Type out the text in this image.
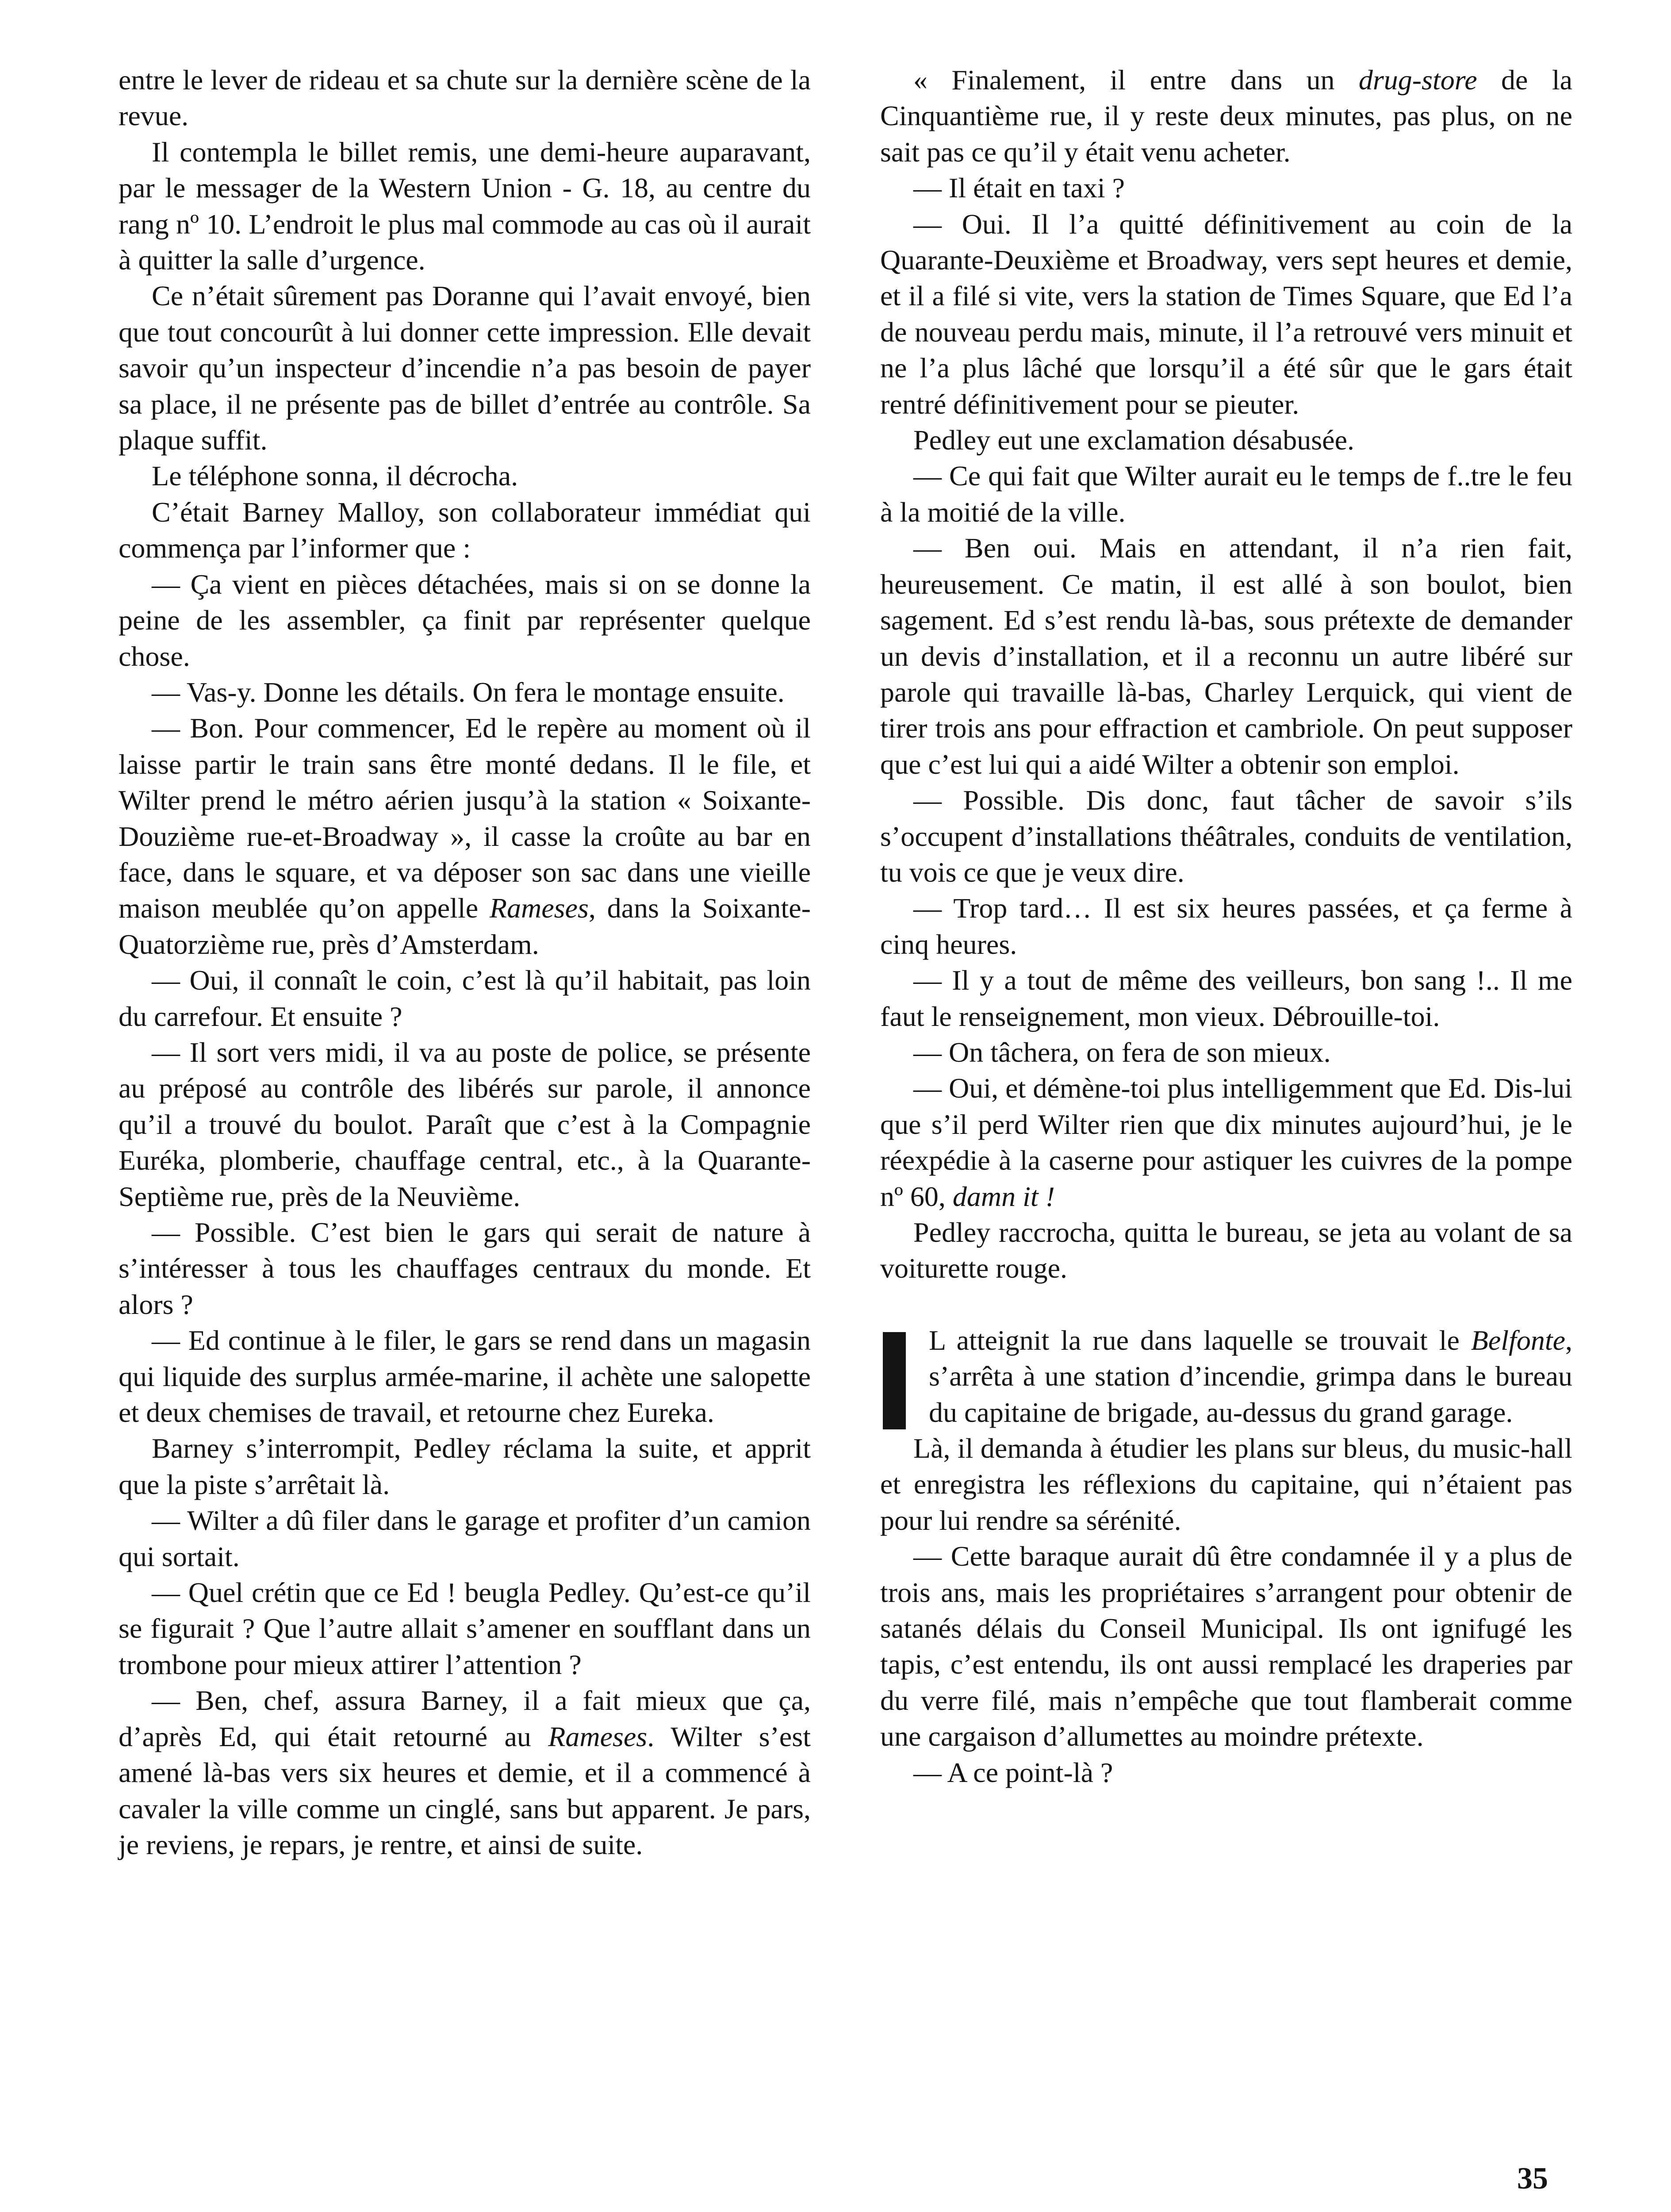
entre le lever de rideau et sa chute sur la dernière scène de la revue.

Il contempla le billet remis, une demi-heure auparavant, par le messager de la Western Union - G. 18, au centre du rang nº 10. L’endroit le plus mal commode au cas où il aurait à quitter la salle d’urgence.

Ce n’était sûrement pas Doranne qui l’avait envoyé, bien que tout concourût à lui donner cette impression. Elle devait savoir qu’un inspecteur d’incendie n’a pas besoin de payer sa place, il ne présente pas de billet d’entrée au contrôle. Sa plaque suffit.

Le téléphone sonna, il décrocha.

C’était Barney Malloy, son collaborateur immédiat qui commença par l’informer que :

— Ça vient en pièces détachées, mais si on se donne la peine de les assembler, ça finit par représenter quelque chose.

— Vas-y. Donne les détails. On fera le montage ensuite.

— Bon. Pour commencer, Ed le repère au moment où il laisse partir le train sans être monté dedans. Il le file, et Wilter prend le métro aérien jusqu’à la station « Soixante-Douzième rue-et-Broadway », il casse la croûte au bar en face, dans le square, et va déposer son sac dans une vieille maison meublée qu’on appelle Rameses, dans la Soixante-Quatorzième rue, près d’Amsterdam.

— Oui, il connaît le coin, c’est là qu’il habitait, pas loin du carrefour. Et ensuite ?

— Il sort vers midi, il va au poste de police, se présente au préposé au contrôle des libérés sur parole, il annonce qu’il a trouvé du boulot. Paraît que c’est à la Compagnie Euréka, plomberie, chauffage central, etc., à la Quarante-Septième rue, près de la Neuvième.

— Possible. C’est bien le gars qui serait de nature à s’intéresser à tous les chauffages centraux du monde. Et alors ?

— Ed continue à le filer, le gars se rend dans un magasin qui liquide des surplus armée-marine, il achète une salopette et deux chemises de travail, et retourne chez Eureka.

Barney s’interrompit, Pedley réclama la suite, et apprit que la piste s’arrêtait là.

— Wilter a dû filer dans le garage et profiter d’un camion qui sortait.

— Quel crétin que ce Ed ! beugla Pedley. Qu’est-ce qu’il se figurait ? Que l’autre allait s’amener en soufflant dans un trombone pour mieux attirer l’attention ?

— Ben, chef, assura Barney, il a fait mieux que ça, d’après Ed, qui était retourné au Rameses. Wilter s’est amené là-bas vers six heures et demie, et il a commencé à cavaler la ville comme un cinglé, sans but apparent. Je pars, je reviens, je repars, je rentre, et ainsi de suite.

« Finalement, il entre dans un drug-store de la Cinquantième rue, il y reste deux minutes, pas plus, on ne sait pas ce qu’il y était venu acheter.

— Il était en taxi ?

— Oui. Il l’a quitté définitivement au coin de la Quarante-Deuxième et Broadway, vers sept heures et demie, et il a filé si vite, vers la station de Times Square, que Ed l’a de nouveau perdu mais, minute, il l’a retrouvé vers minuit et ne l’a plus lâché que lorsqu’il a été sûr que le gars était rentré définitivement pour se pieuter.

Pedley eut une exclamation désabusée.

— Ce qui fait que Wilter aurait eu le temps de f..tre le feu à la moitié de la ville.

— Ben oui. Mais en attendant, il n’a rien fait, heureusement. Ce matin, il est allé à son boulot, bien sagement. Ed s’est rendu là-bas, sous prétexte de demander un devis d’installation, et il a reconnu un autre libéré sur parole qui travaille là-bas, Charley Lerquick, qui vient de tirer trois ans pour effraction et cambriole. On peut supposer que c’est lui qui a aidé Wilter a obtenir son emploi.

— Possible. Dis donc, faut tâcher de savoir s’ils s’occupent d’installations théâtrales, conduits de ventilation, tu vois ce que je veux dire.

— Trop tard… Il est six heures passées, et ça ferme à cinq heures.

— Il y a tout de même des veilleurs, bon sang !.. Il me faut le renseignement, mon vieux. Débrouille-toi.

— On tâchera, on fera de son mieux.

— Oui, et démène-toi plus intelligemment que Ed. Dis-lui que s’il perd Wilter rien que dix minutes aujourd’hui, je le réexpédie à la caserne pour astiquer les cuivres de la pompe nº 60, damn it !

Pedley raccrocha, quitta le bureau, se jeta au volant de sa voiturette rouge.

L atteignit la rue dans laquelle se trouvait le Belfonte, s’arrêta à une station d’incendie, grimpa dans le bureau du capitaine de brigade, au-dessus du grand garage.

Là, il demanda à étudier les plans sur bleus, du music-hall et enregistra les réflexions du capitaine, qui n’étaient pas pour lui rendre sa sérénité.

— Cette baraque aurait dû être condamnée il y a plus de trois ans, mais les propriétaires s’arrangent pour obtenir de satanés délais du Conseil Municipal. Ils ont ignifugé les tapis, c’est entendu, ils ont aussi remplacé les draperies par du verre filé, mais n’empêche que tout flamberait comme une cargaison d’allumettes au moindre prétexte.

— A ce point-là ?

35
